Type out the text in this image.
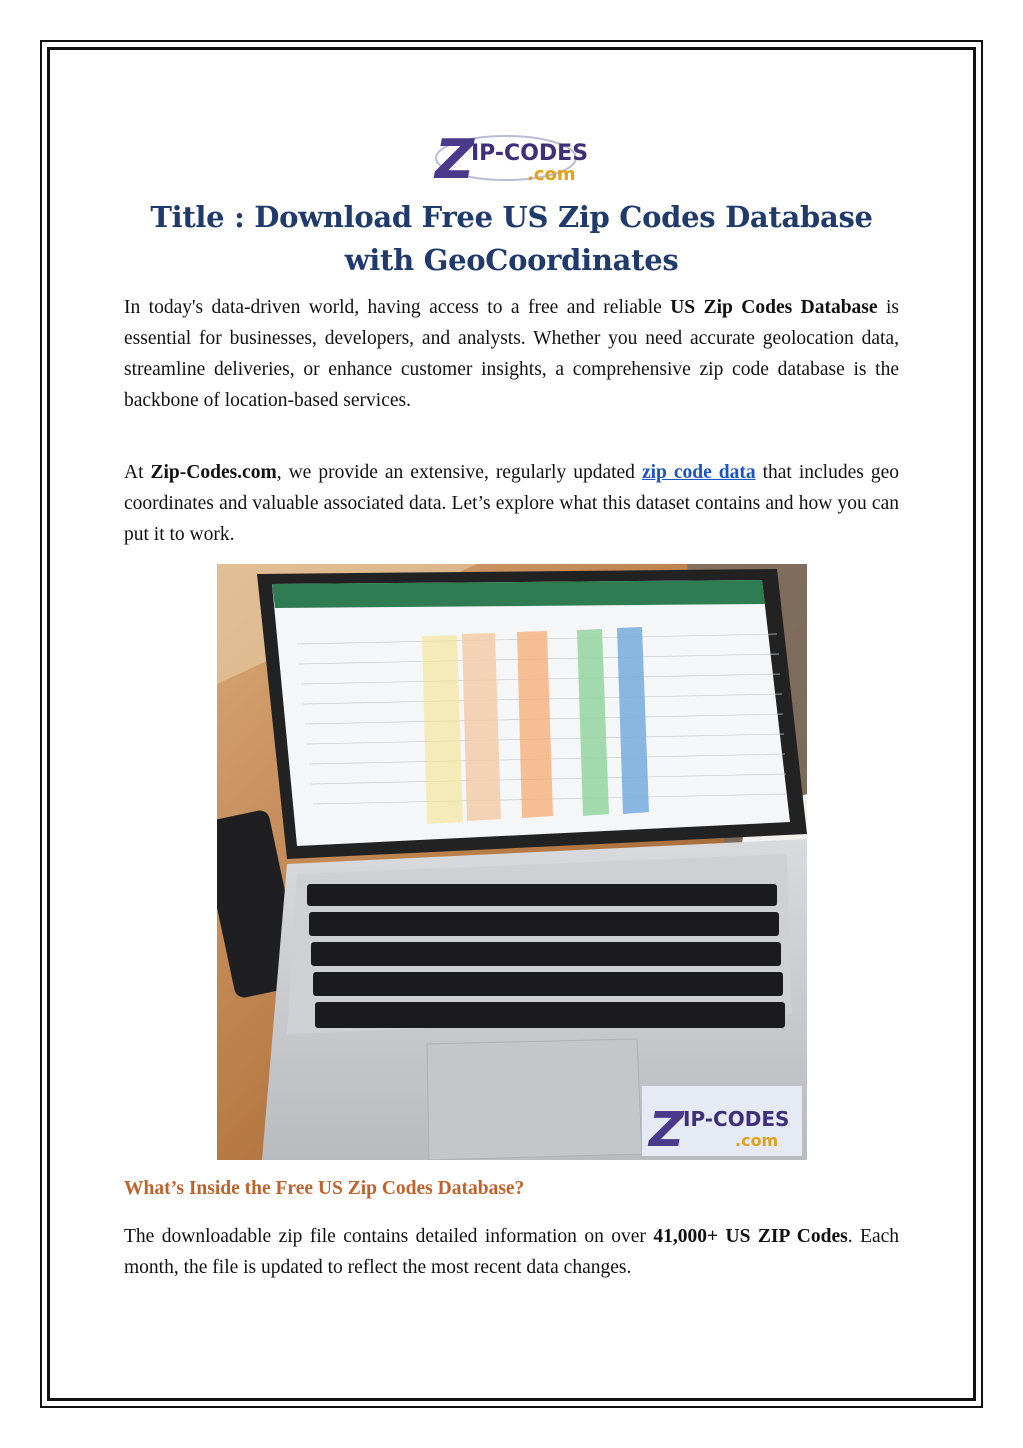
Z
IP-CODES
.com
Title : Download Free US Zip Codes Database
with GeoCoordinates

In today's data-driven world, having access to a free and reliable US Zip Codes Database is essential for businesses, developers, and analysts. Whether you need accurate geolocation data, streamline deliveries, or enhance customer insights, a comprehensive zip code database is the backbone of location-based services.

At Zip-Codes.com, we provide an extensive, regularly updated zip code data that includes geo coordinates and valuable associated data. Let’s explore what this dataset contains and how you can put it to work.

Z IP-CODES
.com
What’s Inside the Free US Zip Codes Database?

The downloadable zip file contains detailed information on over 41,000+ US ZIP Codes. Each month, the file is updated to reflect the most recent data changes.
